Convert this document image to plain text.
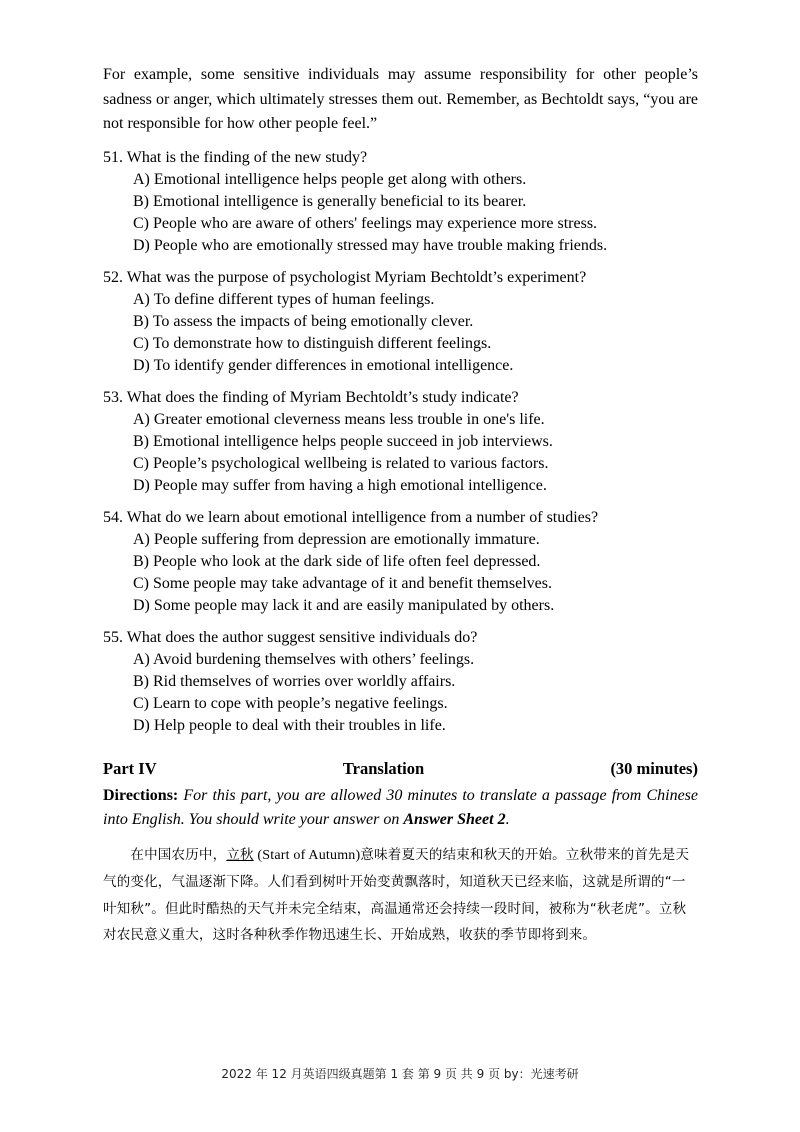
For example, some sensitive individuals may assume responsibility for other people’s sadness or anger, which ultimately stresses them out. Remember, as Bechtoldt says, “you are not responsible for how other people feel.”

51. What is the finding of the new study?

A) Emotional intelligence helps people get along with others.

B) Emotional intelligence is generally beneficial to its bearer.

C) People who are aware of others' feelings may experience more stress.

D) People who are emotionally stressed may have trouble making friends.

52. What was the purpose of psychologist Myriam Bechtoldt’s experiment?

A) To define different types of human feelings.

B) To assess the impacts of being emotionally clever.

C) To demonstrate how to distinguish different feelings.

D) To identify gender differences in emotional intelligence.

53. What does the finding of Myriam Bechtoldt’s study indicate?

A) Greater emotional cleverness means less trouble in one's life.

B) Emotional intelligence helps people succeed in job interviews.

C) People’s psychological wellbeing is related to various factors.

D) People may suffer from having a high emotional intelligence.

54. What do we learn about emotional intelligence from a number of studies?

A) People suffering from depression are emotionally immature.

B) People who look at the dark side of life often feel depressed.

C) Some people may take advantage of it and benefit themselves.

D) Some people may lack it and are easily manipulated by others.

55. What does the author suggest sensitive individuals do?

A) Avoid burdening themselves with others’ feelings.

B) Rid themselves of worries over worldly affairs.

C) Learn to cope with people’s negative feelings.

D) Help people to deal with their troubles in life.

Part IV	Translation	(30 minutes)

Directions: For this part, you are allowed 30 minutes to translate a passage from Chinese into English. You should write your answer on Answer Sheet 2.

　　在中国农历中，立秋 (Start of Autumn)意味着夏天的结束和秋天的开始。立秋带来的首先是天气的变化，气温逐渐下降。人们看到树叶开始变黄飘落时，知道秋天已经来临，这就是所谓的“一叶知秋”。但此时酷热的天气并未完全结束，高温通常还会持续一段时间，被称为“秋老虎”。立秋对农民意义重大，这时各种秋季作物迅速生长、开始成熟，收获的季节即将到来。

2022 年 12 月英语四级真题第 1 套 第 9 页 共 9 页 by：光速考研
